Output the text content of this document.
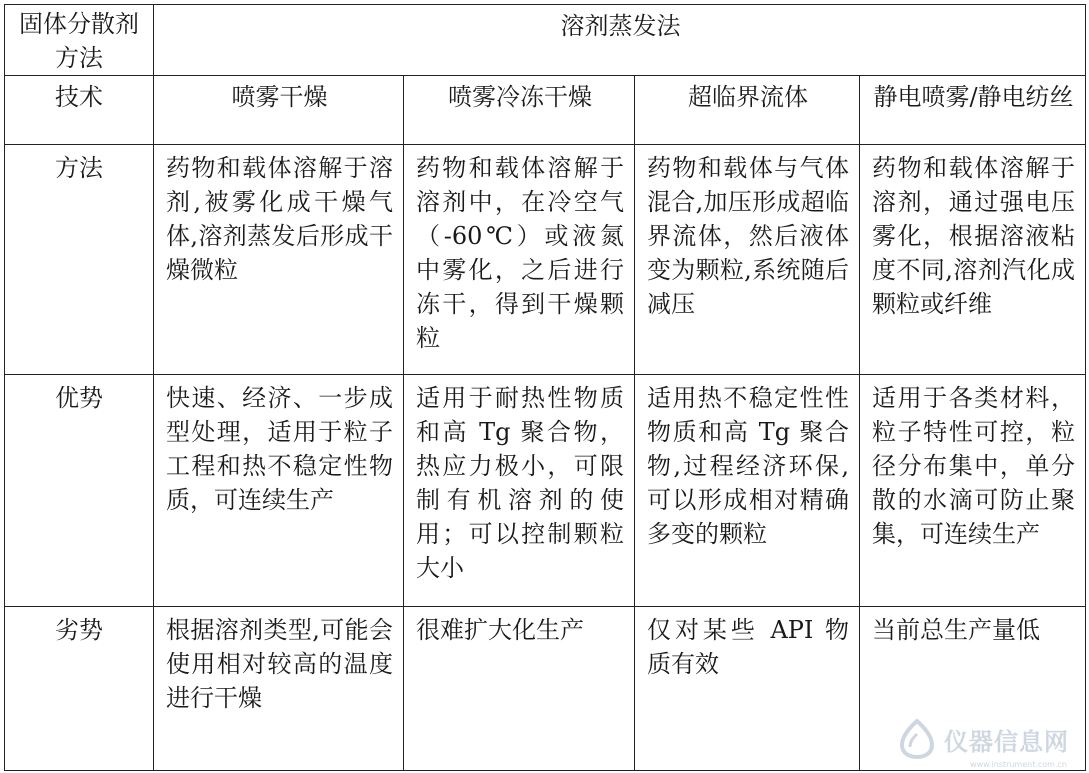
固体分散剂方法	溶剂蒸发法			
技术	喷雾干燥	喷雾冷冻干燥	超临界流体	静电喷雾/静电纺丝
方法	药物和载体溶解于溶剂,被雾化成干燥气体,溶剂蒸发后形成干燥微粒	药物和载体溶解于溶剂中，在冷空气（-60℃）或液氮中雾化，之后进行冻干，得到干燥颗粒	药物和载体与气体混合,加压形成超临界流体，然后液体变为颗粒,系统随后减压	药物和载体溶解于溶剂，通过强电压雾化，根据溶液粘度不同,溶剂汽化成颗粒或纤维
优势	快速、经济、一步成型处理，适用于粒子工程和热不稳定性物质，可连续生产	适用于耐热性物质和高 Tg 聚合物，热应力极小，可限制有机溶剂的使用；可以控制颗粒大小	适用热不稳定性性物质和高 Tg 聚合物,过程经济环保,可以形成相对精确多变的颗粒	适用于各类材料，粒子特性可控，粒径分布集中，单分散的水滴可防止聚集，可连续生产
劣势	根据溶剂类型,可能会使用相对较高的温度进行干燥	很难扩大化生产	仅对某些 API 物质有效	当前总生产量低
仪器信息网
www.instrument.com.cn
